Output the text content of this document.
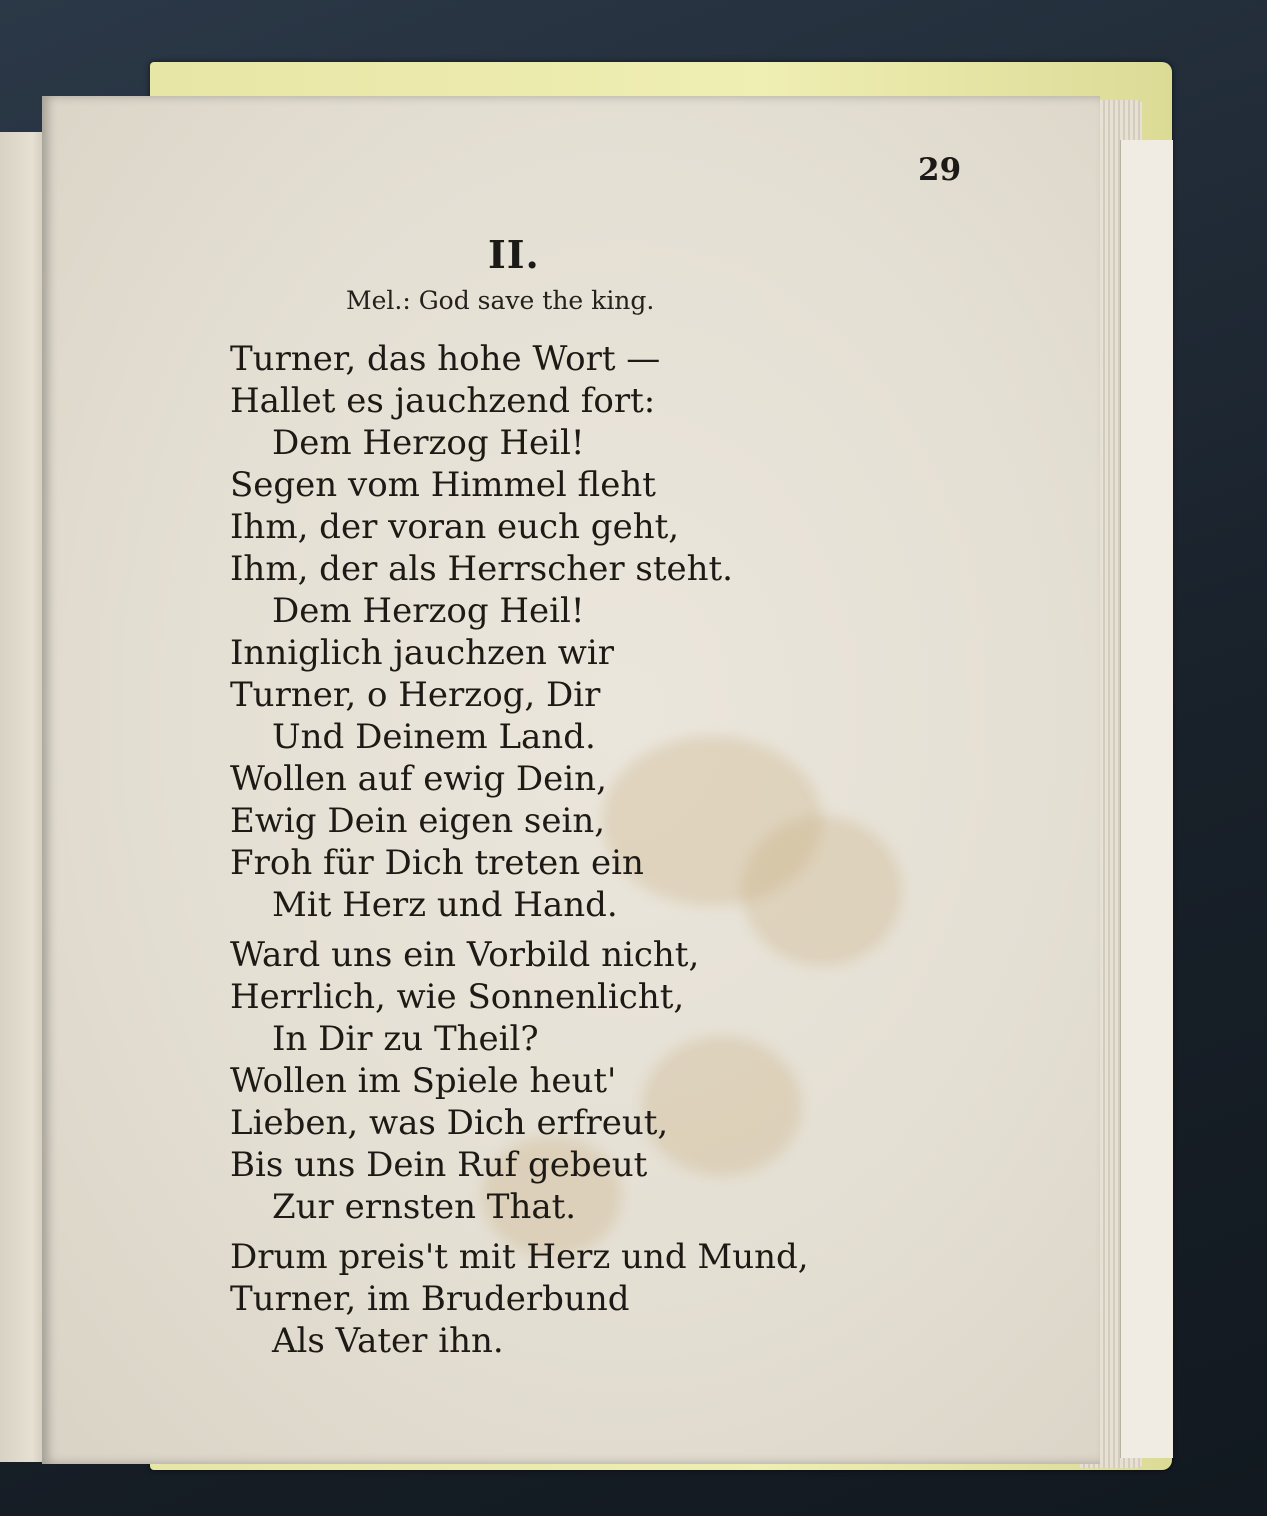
29
II.
Mel.: God save the king.
Turner, das hohe Wort —
Hallet es jauchzend fort:
Dem Herzog Heil!
Segen vom Himmel fleht
Ihm, der voran euch geht,
Ihm, der als Herrscher steht.
Dem Herzog Heil!
Inniglich jauchzen wir
Turner, o Herzog, Dir
Und Deinem Land.
Wollen auf ewig Dein,
Ewig Dein eigen sein,
Froh für Dich treten ein
Mit Herz und Hand.
Ward uns ein Vorbild nicht,
Herrlich, wie Sonnenlicht,
In Dir zu Theil?
Wollen im Spiele heut'
Lieben, was Dich erfreut,
Bis uns Dein Ruf gebeut
Zur ernsten That.
Drum preis't mit Herz und Mund,
Turner, im Bruderbund
Als Vater ihn.
